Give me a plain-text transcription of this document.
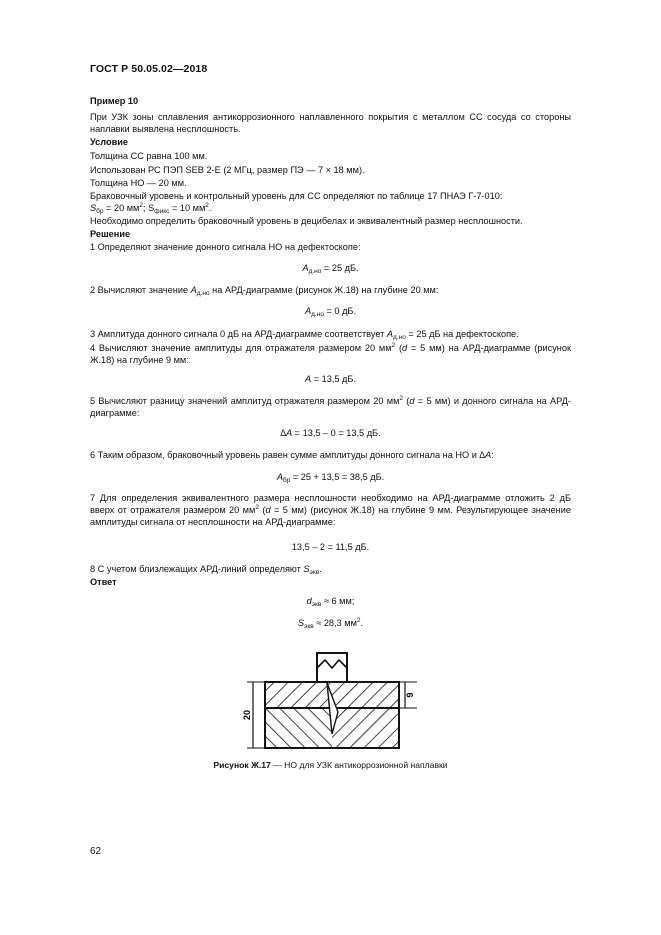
ГОСТ Р 50.05.02—2018
Пример 10
При УЗК зоны сплавления антикоррозионного наплавленного покрытия с металлом СС сосуда со стороны наплавки выявлена несплошность.
Условие
Толщина СС равна 100 мм.
Использован РС ПЭП SEB 2-E (2 МГц, размер ПЭ — 7 × 18 мм).
Толщина НО — 20 мм.
Браковочный уровень и контрольный уровень для СС определяют по таблице 17 ПНАЭ Г-7-010:
$S_{бр} = 20$ $мм^2$; $S_{фикс} = 10$ $мм^2$.
Необходимо определить браковочный уровень в децибелах и эквивалентный размер несплошности.
Решение
1 Определяют значение донного сигнала НО на дефектоскопе:
$A_{д.но} = 25$ дБ.
2 Вычисляют значение $A_{д.но}$ на АРД-диаграмме (рисунок Ж.18) на глубине 20 мм:
$A_{д.но} = 0$ дБ.
3 Амплитуда донного сигнала 0 дБ на АРД-диаграмме соответствует $A_{д.но} = 25$ дБ на дефектоскопе.
4 Вычисляют значение амплитуды для отражателя размером 20 $мм^2$ (d = 5 мм) на АРД-диаграмме (рисунок Ж.18) на глубине 9 мм:
A = 13,5 дБ.
5 Вычисляют разницу значений амплитуд отражателя размером 20 $мм^2$ (d = 5 мм) и донного сигнала на АРД-диаграмме:
∆A = 13,5 – 0 = 13,5 дБ.
6 Таким образом, браковочный уровень равен сумме амплитуды донного сигнала на НО и ∆A:
$A_{бр} = 25 + 13,5 = 38,5$ дБ.
7 Для определения эквивалентного размера несплошности необходимо на АРД-диаграмме отложить 2 дБ вверх от отражателя размером 20 $мм^2$ (d = 5 мм) (рисунок Ж.18) на глубине 9 мм. Результирующее значение амплитуды сигнала от несплошности на АРД-диаграмме:
13,5 – 2 = 11,5 дБ.
8 С учетом близлежащих АРД-линий определяют $S_{экв}$.
Ответ
$d_{экв} \approx 6$ мм;
$S_{экв} \approx 28,3$ $мм^2$.
20
9
Рисунок Ж.17 — НО для УЗК антикоррозионной наплавки
62
